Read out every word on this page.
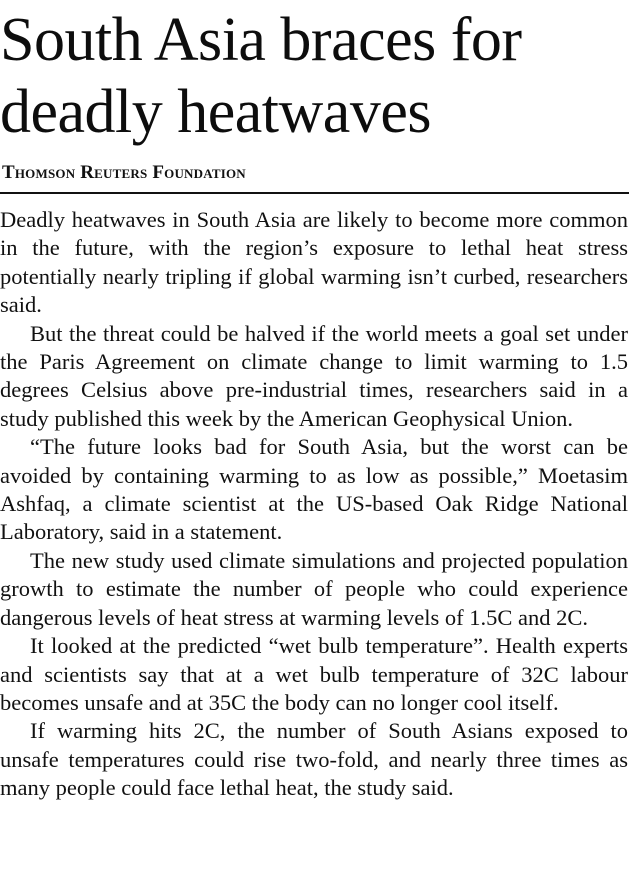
South Asia braces for deadly heatwaves
Thomson Reuters Foundation

Deadly heatwaves in South Asia are likely to become more common in the future, with the region’s exposure to lethal heat stress potentially nearly tripling if global warming isn’t curbed, researchers said.

But the threat could be halved if the world meets a goal set under the Paris Agreement on climate change to limit warming to 1.5 degrees Celsius above pre-industrial times, researchers said in a study published this week by the American Geophysical Union.

“The future looks bad for South Asia, but the worst can be avoided by containing warming to as low as possible,” Moetasim Ashfaq, a climate scientist at the US-based Oak Ridge National Laboratory, said in a statement.

The new study used climate simulations and projected population growth to estimate the number of people who could experience dangerous levels of heat stress at warming levels of 1.5C and 2C.

It looked at the predicted “wet bulb temperature”. Health experts and scientists say that at a wet bulb temperature of 32C labour becomes unsafe and at 35C the body can no longer cool itself.

If warming hits 2C, the number of South Asians exposed to unsafe temperatures could rise two-fold, and nearly three times as many people could face lethal heat, the study said.
